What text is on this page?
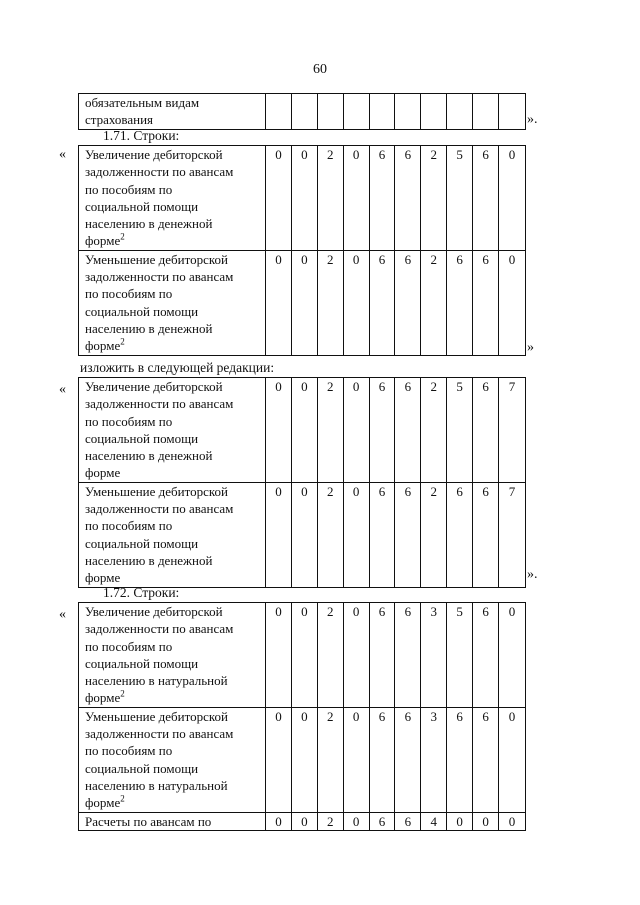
60
обязательным видам
страхования	».
1.71. Строки:
«	Увеличение дебиторской
задолженности по авансам
по пособиям по
социальной помощи
населению в денежной
форме$^2$
0	0	2	0	6	6	2	5	6	0
Уменьшение дебиторской
задолженности по авансам
по пособиям по
социальной помощи
населению в денежной
форме$^2$
0	0	2	0	6	6	2	6	6	0
»
изложить в следующей редакции:
«	Увеличение дебиторской
задолженности по авансам
по пособиям по
социальной помощи
населению в денежной
форме
0	0	2	0	6	6	2	5	6	7
Уменьшение дебиторской
задолженности по авансам
по пособиям по
социальной помощи
населению в денежной
форме
0	0	2	0	6	6	2	6	6	7
».
1.72. Строки:
«	Увеличение дебиторской
задолженности по авансам
по пособиям по
социальной помощи
населению в натуральной
форме$^2$
0	0	2	0	6	6	3	5	6	0
Уменьшение дебиторской
задолженности по авансам
по пособиям по
социальной помощи
населению в натуральной
форме$^2$
0	0	2	0	6	6	3	6	6	0
Расчеты по авансам по	0	0	2	0	6	6	4	0	0	0
